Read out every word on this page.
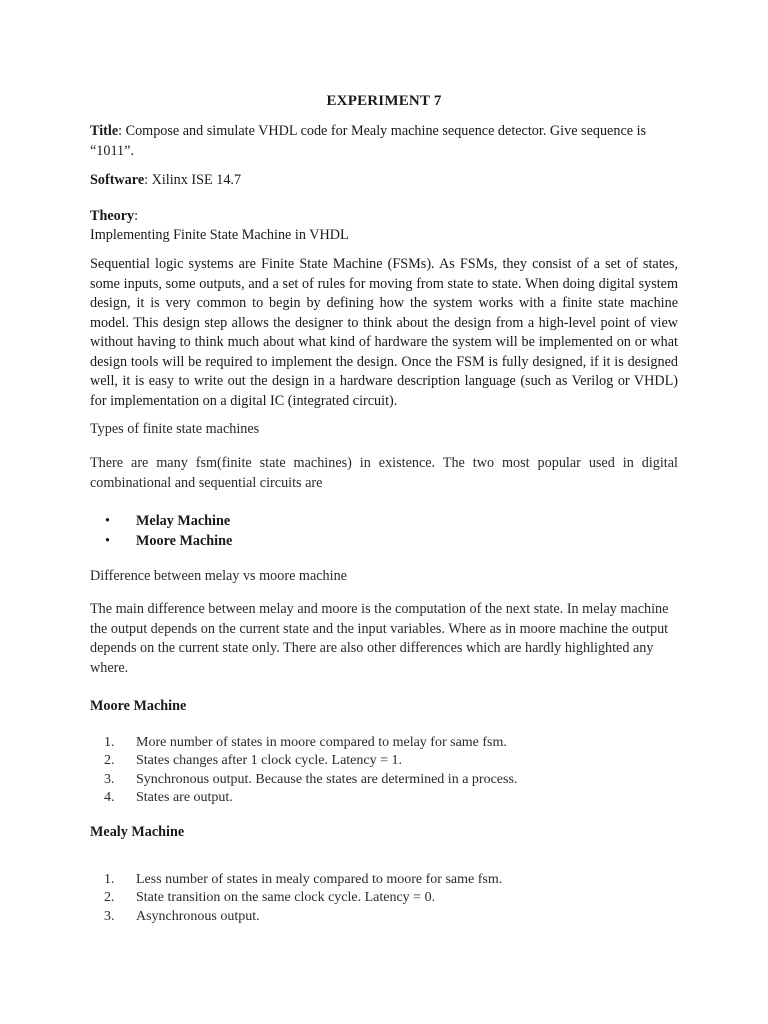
EXPERIMENT 7
Title: Compose and simulate VHDL code for Mealy machine sequence detector. Give sequence is “1011”.
Software: Xilinx ISE 14.7
Theory:
Implementing Finite State Machine in VHDL
Sequential logic systems are Finite State Machine (FSMs). As FSMs, they consist of a set of states, some inputs, some outputs, and a set of rules for moving from state to state. When doing digital system design, it is very common to begin by defining how the system works with a finite state machine model. This design step allows the designer to think about the design from a high-level point of view without having to think much about what kind of hardware the system will be implemented on or what design tools will be required to implement the design. Once the FSM is fully designed, if it is designed well, it is easy to write out the design in a hardware description language (such as Verilog or VHDL) for implementation on a digital IC (integrated circuit).
Types of finite state machines
There are many fsm(finite state machines) in existence. The two most popular used in digital combinational and sequential circuits are
• Melay Machine
• Moore Machine
Difference between melay vs moore machine
The main difference between melay and moore is the computation of the next state. In melay machine the output depends on the current state and the input variables. Where as in moore machine the output depends on the current state only. There are also other differences which are hardly highlighted any where.
Moore Machine
1. More number of states in moore compared to melay for same fsm.
2. States changes after 1 clock cycle. Latency = 1.
3. Synchronous output. Because the states are determined in a process.
4. States are output.
Mealy Machine
1. Less number of states in mealy compared to moore for same fsm.
2. State transition on the same clock cycle. Latency = 0.
3. Asynchronous output.
